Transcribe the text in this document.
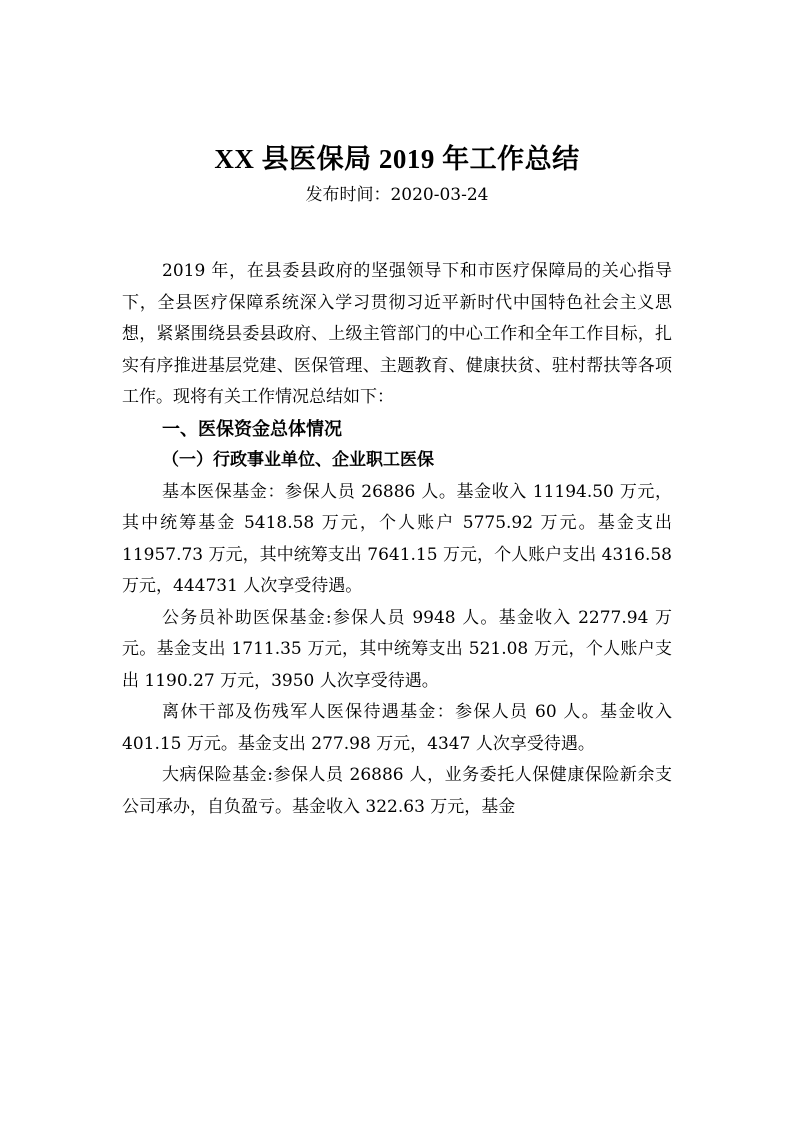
XX 县医保局 2019 年工作总结

发布时间：2020-03-24

2019 年，在县委县政府的坚强领导下和市医疗保障局的关心指导下，全县医疗保障系统深入学习贯彻习近平新时代中国特色社会主义思想，紧紧围绕县委县政府、上级主管部门的中心工作和全年工作目标，扎实有序推进基层党建、医保管理、主题教育、健康扶贫、驻村帮扶等各项工作。现将有关工作情况总结如下：

一、医保资金总体情况

（一）行政事业单位、企业职工医保

基本医保基金：参保人员 26886 人。基金收入 11194.50 万元，其中统筹基金 5418.58 万元，个人账户 5775.92 万元。基金支出 11957.73 万元，其中统筹支出 7641.15 万元，个人账户支出 4316.58 万元，444731 人次享受待遇。

公务员补助医保基金:参保人员 9948 人。基金收入 2277.94 万元。基金支出 1711.35 万元，其中统筹支出 521.08 万元，个人账户支出 1190.27 万元，3950 人次享受待遇。

离休干部及伤残军人医保待遇基金：参保人员 60 人。基金收入 401.15 万元。基金支出 277.98 万元，4347 人次享受待遇。

大病保险基金:参保人员 26886 人，业务委托人保健康保险新余支公司承办，自负盈亏。基金收入 322.63 万元，基金
